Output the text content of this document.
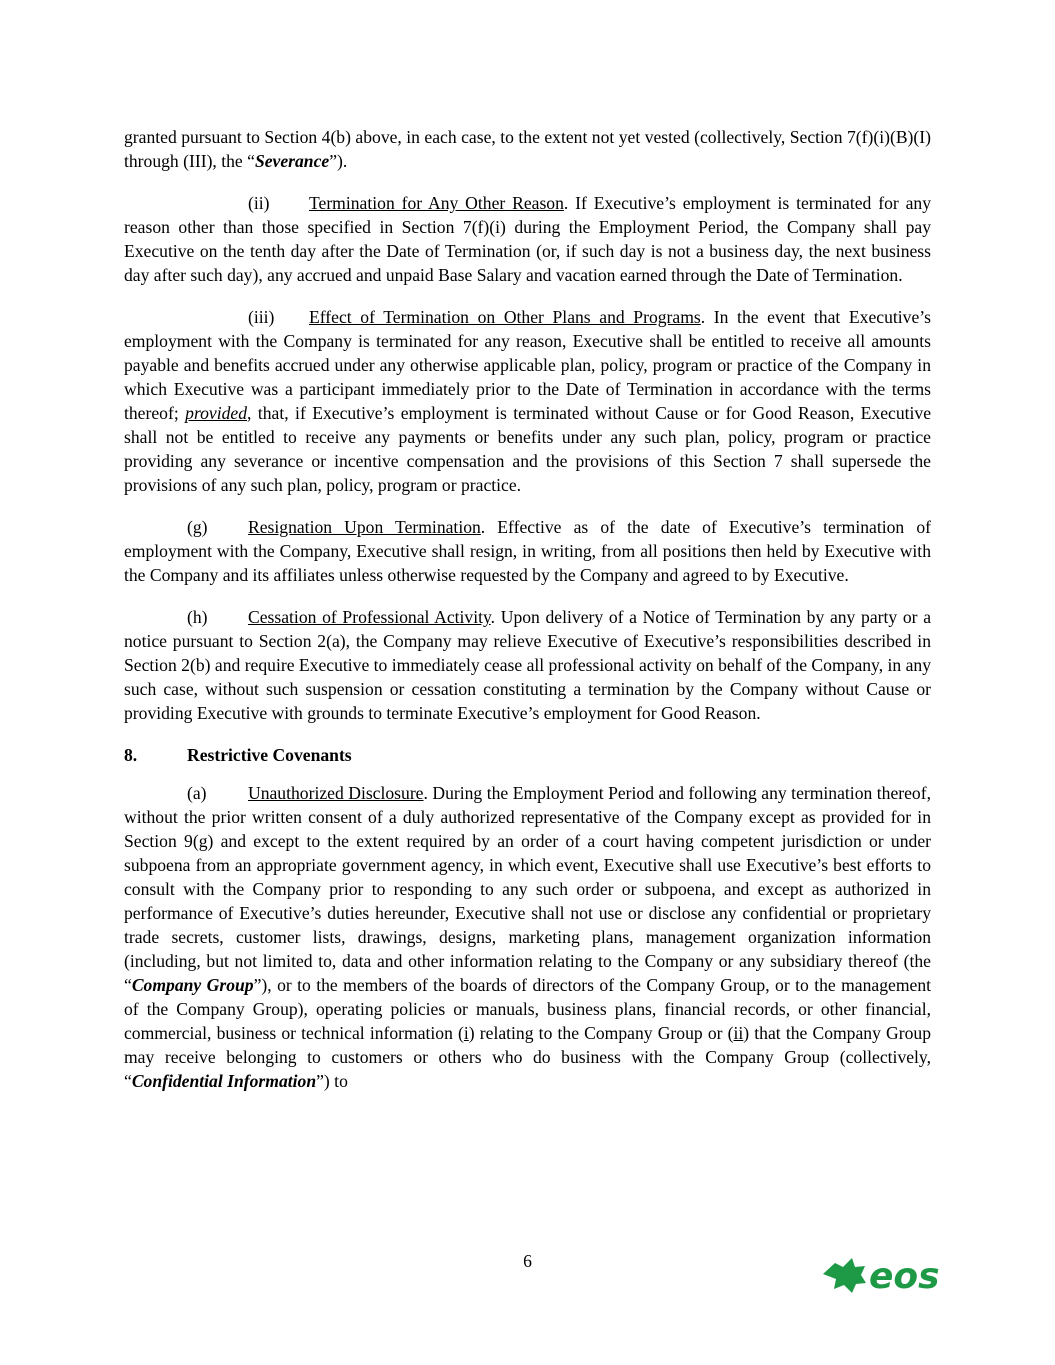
granted pursuant to Section 4(b) above, in each case, to the extent not yet vested (collectively, Section 7(f)(i)(B)(I) through (III), the “Severance”).

(ii) Termination for Any Other Reason. If Executive’s employment is terminated for any reason other than those specified in Section 7(f)(i) during the Employment Period, the Company shall pay Executive on the tenth day after the Date of Termination (or, if such day is not a business day, the next business day after such day), any accrued and unpaid Base Salary and vacation earned through the Date of Termination.

(iii) Effect of Termination on Other Plans and Programs. In the event that Executive’s employment with the Company is terminated for any reason, Executive shall be entitled to receive all amounts payable and benefits accrued under any otherwise applicable plan, policy, program or practice of the Company in which Executive was a participant immediately prior to the Date of Termination in accordance with the terms thereof; provided, that, if Executive’s employment is terminated without Cause or for Good Reason, Executive shall not be entitled to receive any payments or benefits under any such plan, policy, program or practice providing any severance or incentive compensation and the provisions of this Section 7 shall supersede the provisions of any such plan, policy, program or practice.

(g) Resignation Upon Termination. Effective as of the date of Executive’s termination of employment with the Company, Executive shall resign, in writing, from all positions then held by Executive with the Company and its affiliates unless otherwise requested by the Company and agreed to by Executive.

(h) Cessation of Professional Activity. Upon delivery of a Notice of Termination by any party or a notice pursuant to Section 2(a), the Company may relieve Executive of Executive’s responsibilities described in Section 2(b) and require Executive to immediately cease all professional activity on behalf of the Company, in any such case, without such suspension or cessation constituting a termination by the Company without Cause or providing Executive with grounds to terminate Executive’s employment for Good Reason.

8.	Restrictive Covenants

(a) Unauthorized Disclosure. During the Employment Period and following any termination thereof, without the prior written consent of a duly authorized representative of the Company except as provided for in Section 9(g) and except to the extent required by an order of a court having competent jurisdiction or under subpoena from an appropriate government agency, in which event, Executive shall use Executive’s best efforts to consult with the Company prior to responding to any such order or subpoena, and except as authorized in performance of Executive’s duties hereunder, Executive shall not use or disclose any confidential or proprietary trade secrets, customer lists, drawings, designs, marketing plans, management organization information (including, but not limited to, data and other information relating to the Company or any subsidiary thereof (the “Company Group”), or to the members of the boards of directors of the Company Group, or to the management of the Company Group), operating policies or manuals, business plans, financial records, or other financial, commercial, business or technical information (i) relating to the Company Group or (ii) that the Company Group may receive belonging to customers or others who do business with the Company Group (collectively, “Confidential Information”) to

6	eos
